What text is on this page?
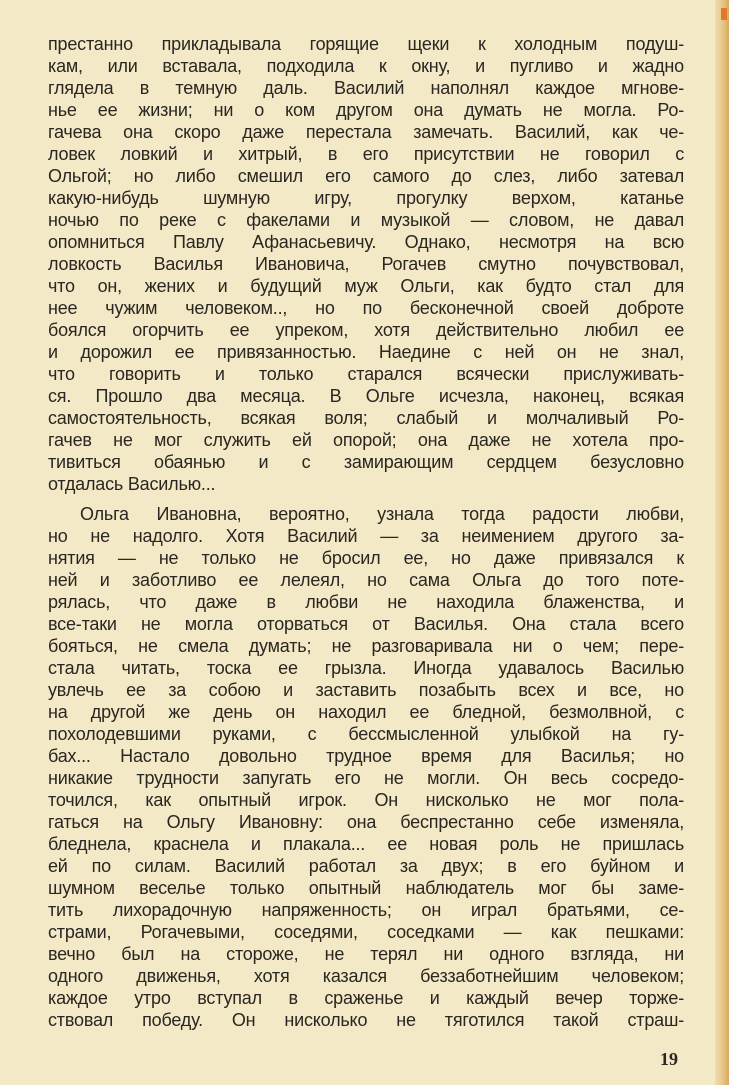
престанно прикладывала горящие щеки к холодным подуш-
кам, или вставала, подходила к окну, и пугливо и жадно
глядела в темную даль. Василий наполнял каждое мгнове-
нье ее жизни; ни о ком другом она думать не могла. Ро-
гачева она скоро даже перестала замечать. Василий, как че-
ловек ловкий и хитрый, в его присутствии не говорил с
Ольгой; но либо смешил его самого до слез, либо затевал
какую-нибудь шумную игру, прогулку верхом, катанье
ночью по реке с факелами и музыкой — словом, не давал
опомниться Павлу Афанасьевичу. Однако, несмотря на всю
ловкость Василья Ивановича, Рогачев смутно почувствовал,
что он, жених и будущий муж Ольги, как будто стал для
нее чужим человеком.., но по бесконечной своей доброте
боялся огорчить ее упреком, хотя действительно любил ее
и дорожил ее привязанностью. Наедине с ней он не знал,
что говорить и только старался всячески прислуживать-
ся. Прошло два месяца. В Ольге исчезла, наконец, всякая
самостоятельность, всякая воля; слабый и молчаливый Ро-
гачев не мог служить ей опорой; она даже не хотела про-
тивиться обаянью и с замирающим сердцем безусловно
отдалась Василью...
Ольга Ивановна, вероятно, узнала тогда радости любви,
но не надолго. Хотя Василий — за неимением другого за-
нятия — не только не бросил ее, но даже привязался к
ней и заботливо ее лелеял, но сама Ольга до того поте-
рялась, что даже в любви не находила блаженства, и
все-таки не могла оторваться от Василья. Она стала всего
бояться, не смела думать; не разговаривала ни о чем; пере-
стала читать, тоска ее грызла. Иногда удавалось Василью
увлечь ее за собою и заставить позабыть всех и все, но
на другой же день он находил ее бледной, безмолвной, с
похолодевшими руками, с бессмысленной улыбкой на гу-
бах... Настало довольно трудное время для Василья; но
никакие трудности запугать его не могли. Он весь сосредо-
точился, как опытный игрок. Он нисколько не мог пола-
гаться на Ольгу Ивановну: она беспрестанно себе изменяла,
бледнела, краснела и плакала... ее новая роль не пришлась
ей по силам. Василий работал за двух; в его буйном и
шумном веселье только опытный наблюдатель мог бы заме-
тить лихорадочную напряженность; он играл братьями, се-
страми, Рогачевыми, соседями, соседками — как пешками:
вечно был на стороже, не терял ни одного взгляда, ни
одного движенья, хотя казался беззаботнейшим человеком;
каждое утро вступал в сраженье и каждый вечер торже-
ствовал победу. Он нисколько не тяготился такой страш-
19
